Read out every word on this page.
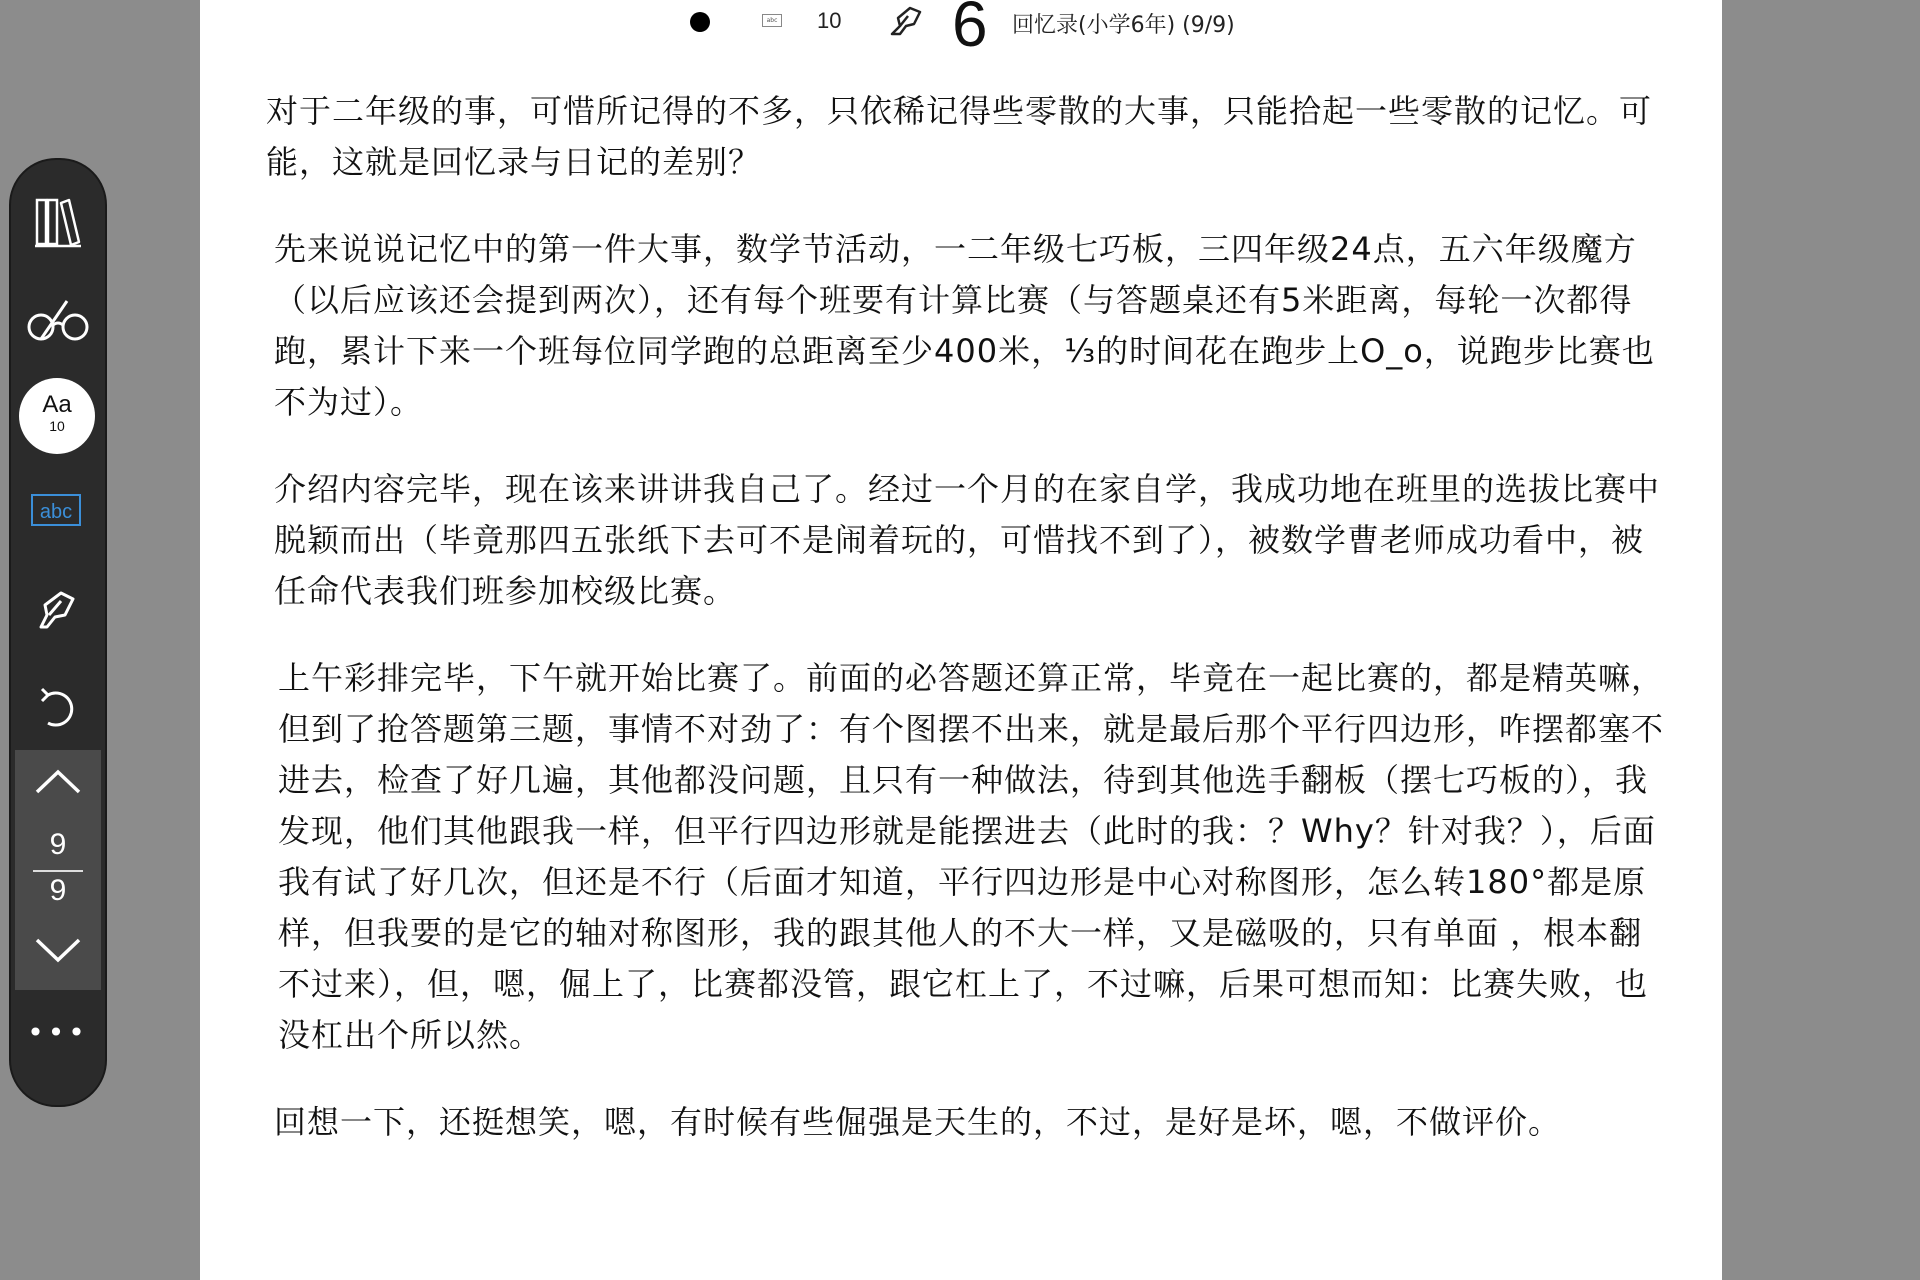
abc 10 6 回忆录(小学6年) (9/9)

对于二年级的事，可惜所记得的不多，只依稀记得些零散的大事，只能拾起一些零散的记忆。可能，这就是回忆录与日记的差别？

先来说说记忆中的第一件大事，数学节活动，一二年级七巧板，三四年级24点，五六年级魔方（以后应该还会提到两次），还有每个班要有计算比赛（与答题桌还有5米距离，每轮一次都得跑，累计下来一个班每位同学跑的总距离至少400米，⅓的时间花在跑步上O_o，说跑步比赛也不为过）。

介绍内容完毕，现在该来讲讲我自己了。经过一个月的在家自学，我成功地在班里的选拔比赛中脱颖而出（毕竟那四五张纸下去可不是闹着玩的，可惜找不到了），被数学曹老师成功看中，被任命代表我们班参加校级比赛。

上午彩排完毕，下午就开始比赛了。前面的必答题还算正常，毕竟在一起比赛的，都是精英嘛，但到了抢答题第三题，事情不对劲了：有个图摆不出来，就是最后那个平行四边形，咋摆都塞不进去，检查了好几遍，其他都没问题，且只有一种做法，待到其他选手翻板（摆七巧板的），我发现，他们其他跟我一样，但平行四边形就是能摆进去（此时的我：？Why？针对我？），后面我有试了好几次，但还是不行（后面才知道，平行四边形是中心对称图形，怎么转180°都是原样，但我要的是它的轴对称图形，我的跟其他人的不大一样，又是磁吸的，只有单面 ，根本翻不过来），但，嗯，倔上了，比赛都没管，跟它杠上了，不过嘛，后果可想而知：比赛失败，也没杠出个所以然。

回想一下，还挺想笑，嗯，有时候有些倔强是天生的，不过，是好是坏，嗯，不做评价。

Aa
10
abc
9
9
•••
